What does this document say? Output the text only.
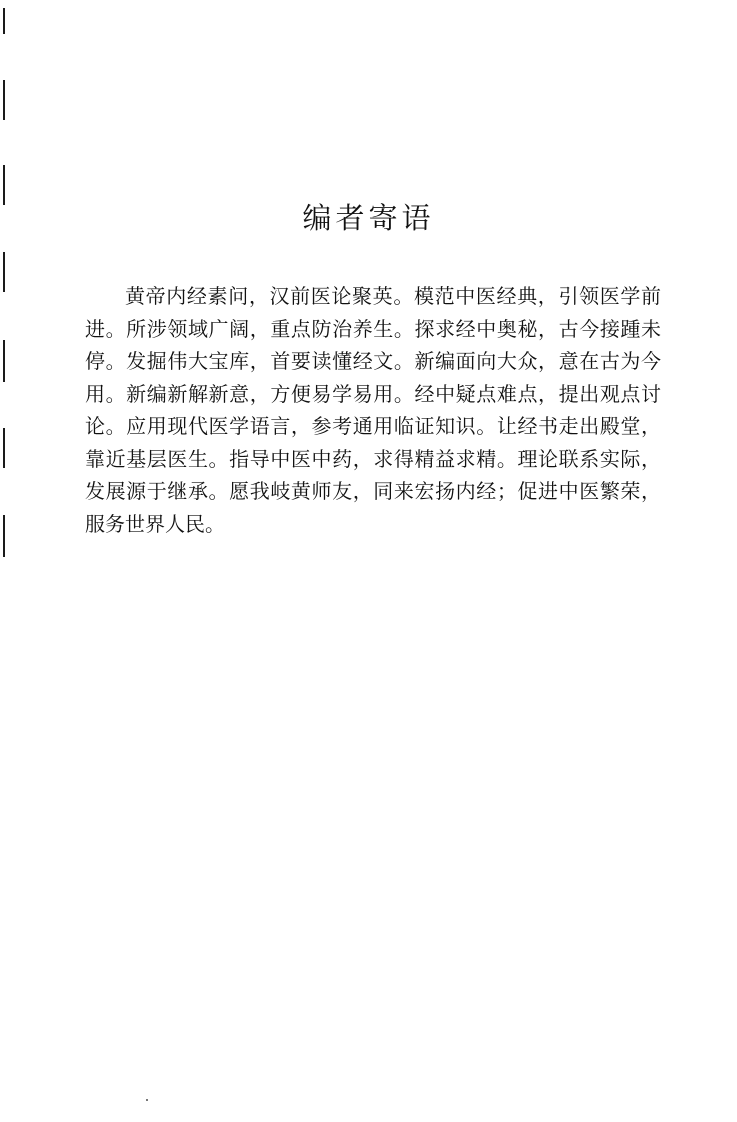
编者寄语
黄帝内经素问，汉前医论聚英。模范中医经典，引领医学前
进。所涉领域广阔，重点防治养生。探求经中奥秘，古今接踵未
停。发掘伟大宝库，首要读懂经文。新编面向大众，意在古为今
用。新编新解新意，方便易学易用。经中疑点难点，提出观点讨
论。应用现代医学语言，参考通用临证知识。让经书走出殿堂，
靠近基层医生。指导中医中药，求得精益求精。理论联系实际，
发展源于继承。愿我岐黄师友，同来宏扬内经；促进中医繁荣，
服务世界人民。
